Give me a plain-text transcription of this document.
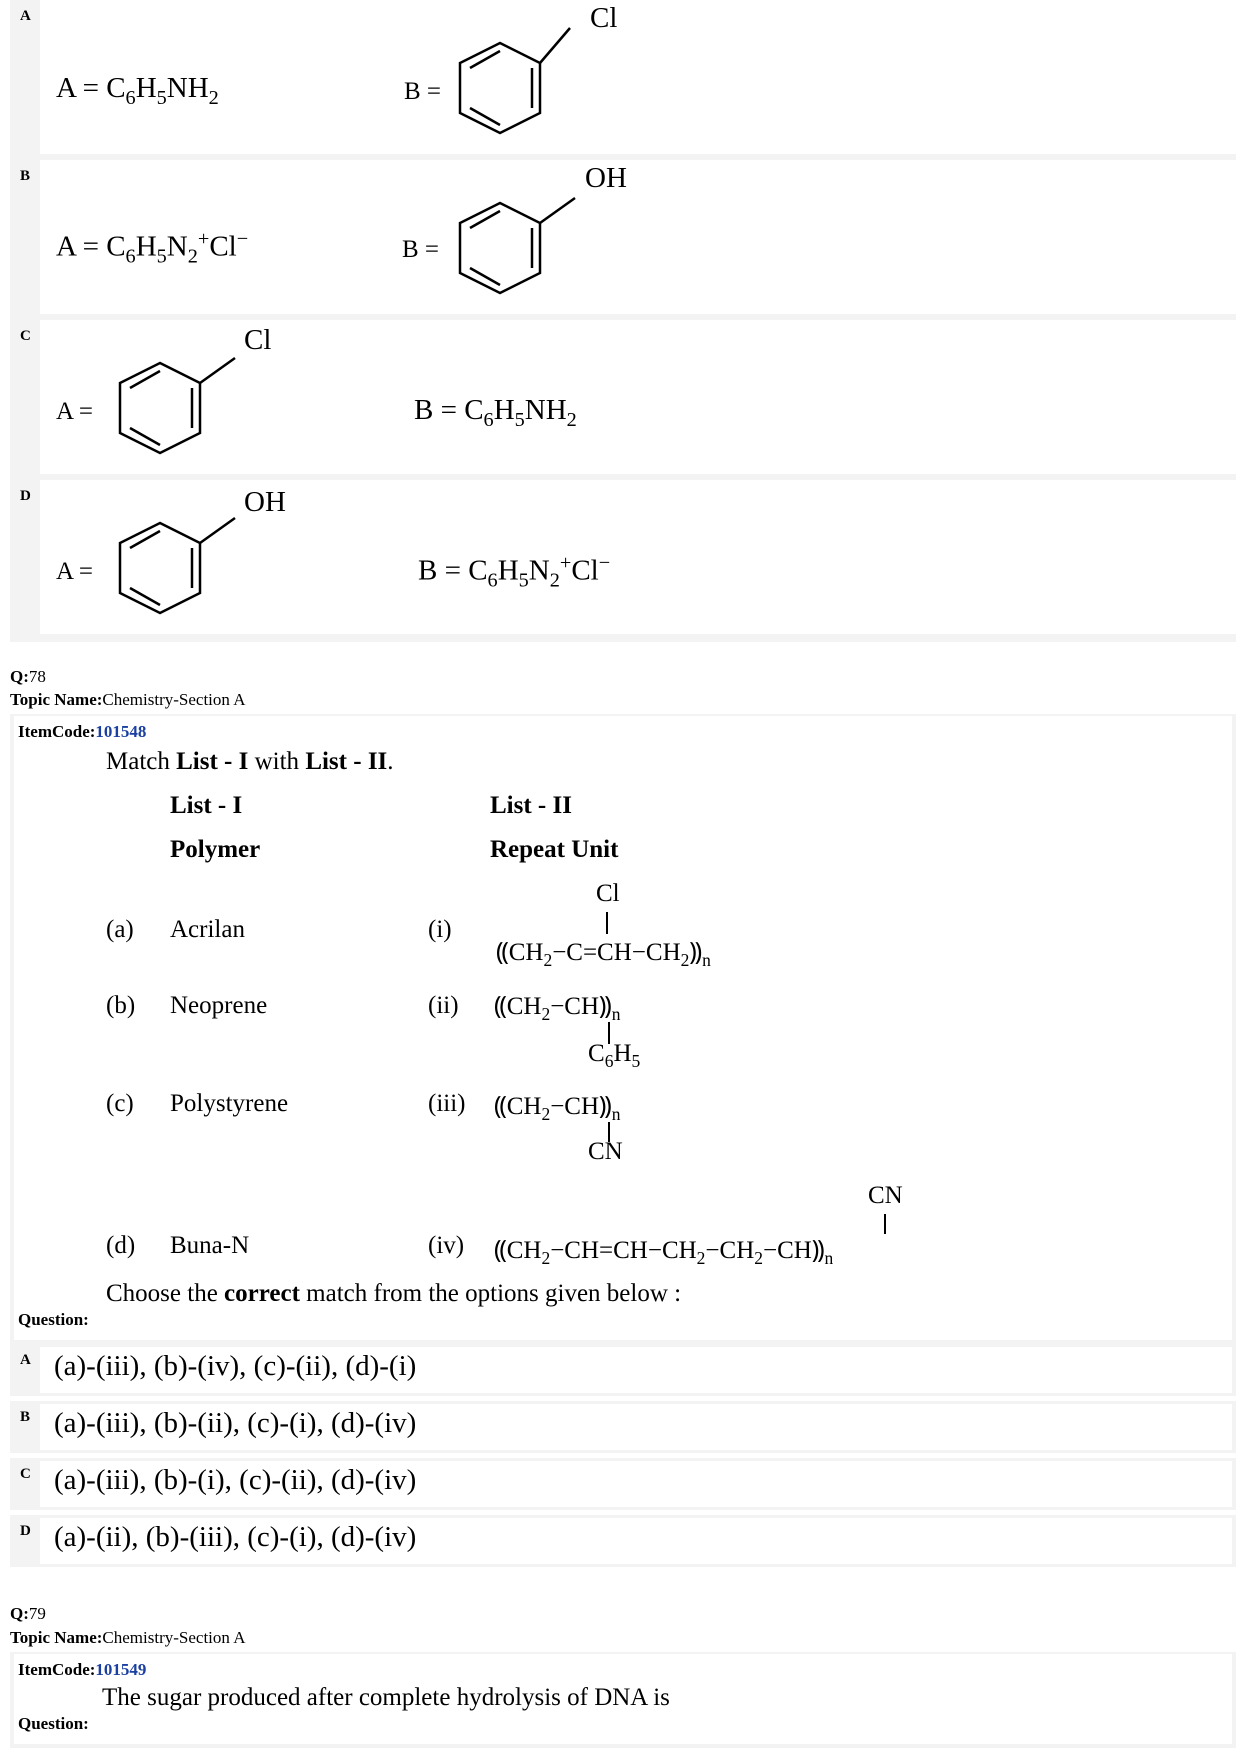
A
$A = C_6H_5NH_2$	B =
Cl
B
$A = C_6H_5N_2^+Cl^-$	B =
OH
C
A =
Cl
$B = C_6H_5NH_2$
D
A =
OH
$B = C_6H_5N_2^+Cl^-$
Q:78
Topic Name:Chemistry-Section A
ItemCode:101548
Match List - I with List - II.
List - I
Polymer
List - II
Repeat Unit
(a) Acrilan	(i)
Cl
$⸨CH_2-C=CH-CH_2⸩_n$
(b) Neoprene	(ii) $⸨CH_2-CH⸩_n$
$C_6H_5$
(c) Polystyrene	(iii) $⸨CH_2-CH⸩_n$
CN
CN
(d) Buna-N	(iv) $⸨CH_2-CH=CH-CH_2-CH_2-CH⸩_n$
Choose the correct match from the options given below :
Question:
A (a)-(iii), (b)-(iv), (c)-(ii), (d)-(i)
B (a)-(iii), (b)-(ii), (c)-(i), (d)-(iv)
C (a)-(iii), (b)-(i), (c)-(ii), (d)-(iv)
D (a)-(ii), (b)-(iii), (c)-(i), (d)-(iv)
Q:79
Topic Name:Chemistry-Section A
ItemCode:101549
The sugar produced after complete hydrolysis of DNA is
Question:
